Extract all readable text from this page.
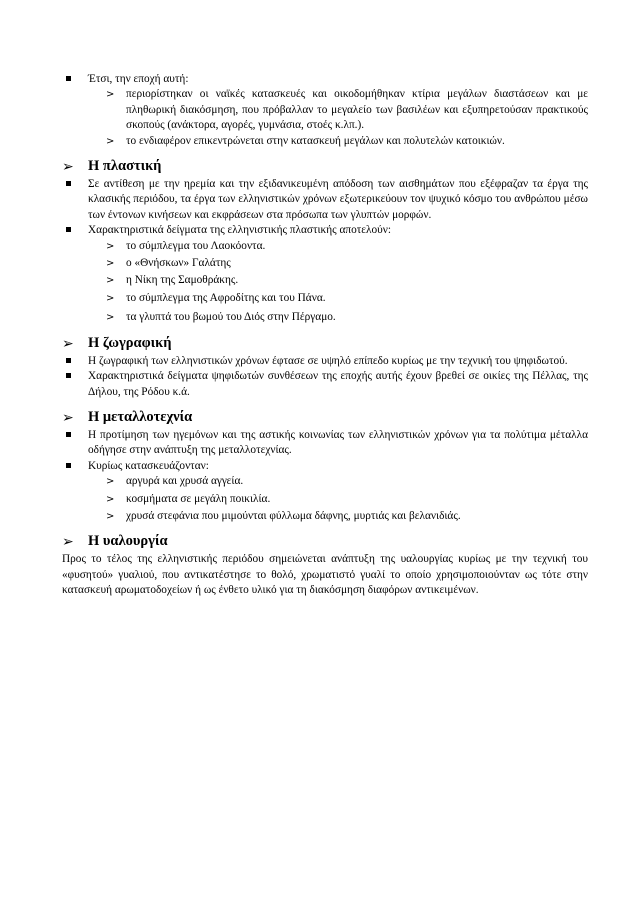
Έτσι, την εποχή αυτή:
> περιορίστηκαν οι ναϊκές κατασκευές και οικοδομήθηκαν κτίρια μεγάλων διαστάσεων και με πληθωρική διακόσμηση, που πρόβαλλαν το μεγαλείο των βασιλέων και εξυπηρετούσαν πρακτικούς σκοπούς (ανάκτορα, αγορές, γυμνάσια, στοές κ.λπ.).
> το ενδιαφέρον επικεντρώνεται στην κατασκευή μεγάλων και πολυτελών κατοικιών.
➢ Η πλαστική
Σε αντίθεση με την ηρεμία και την εξιδανικευμένη απόδοση των αισθημάτων που εξέφραζαν τα έργα της κλασικής περιόδου, τα έργα των ελληνιστικών χρόνων εξωτερικεύουν τον ψυχικό κόσμο του ανθρώπου μέσω των έντονων κινήσεων και εκφράσεων στα πρόσωπα των γλυπτών μορφών.
Χαρακτηριστικά δείγματα της ελληνιστικής πλαστικής αποτελούν:
> το σύμπλεγμα του Λαοκόοντα.
> ο «Θνήσκων» Γαλάτης
> η Νίκη της Σαμοθράκης.
> το σύμπλεγμα της Αφροδίτης και του Πάνα.
> τα γλυπτά του βωμού του Διός στην Πέργαμο.
➢ Η ζωγραφική
Η ζωγραφική των ελληνιστικών χρόνων έφτασε σε υψηλό επίπεδο κυρίως με την τεχνική του ψηφιδωτού.
Χαρακτηριστικά δείγματα ψηφιδωτών συνθέσεων της εποχής αυτής έχουν βρεθεί σε οικίες της Πέλλας, της Δήλου, της Ρόδου κ.ά.
➢ Η μεταλλοτεχνία
Η προτίμηση των ηγεμόνων και της αστικής κοινωνίας των ελληνιστικών χρόνων για τα πολύτιμα μέταλλα οδήγησε στην ανάπτυξη της μεταλλοτεχνίας.
Κυρίως κατασκευάζονταν:
> αργυρά και χρυσά αγγεία.
> κοσμήματα σε μεγάλη ποικιλία.
> χρυσά στεφάνια που μιμούνται φύλλωμα δάφνης, μυρτιάς και βελανιδιάς.
➢ Η υαλουργία
Προς το τέλος της ελληνιστικής περιόδου σημειώνεται ανάπτυξη της υαλουργίας κυρίως με την τεχνική του «φυσητού» γυαλιού, που αντικατέστησε το θολό, χρωματιστό γυαλί το οποίο χρησιμοποιούνταν ως τότε στην κατασκευή αρωματοδοχείων ή ως ένθετο υλικό για τη διακόσμηση διαφόρων αντικειμένων.
